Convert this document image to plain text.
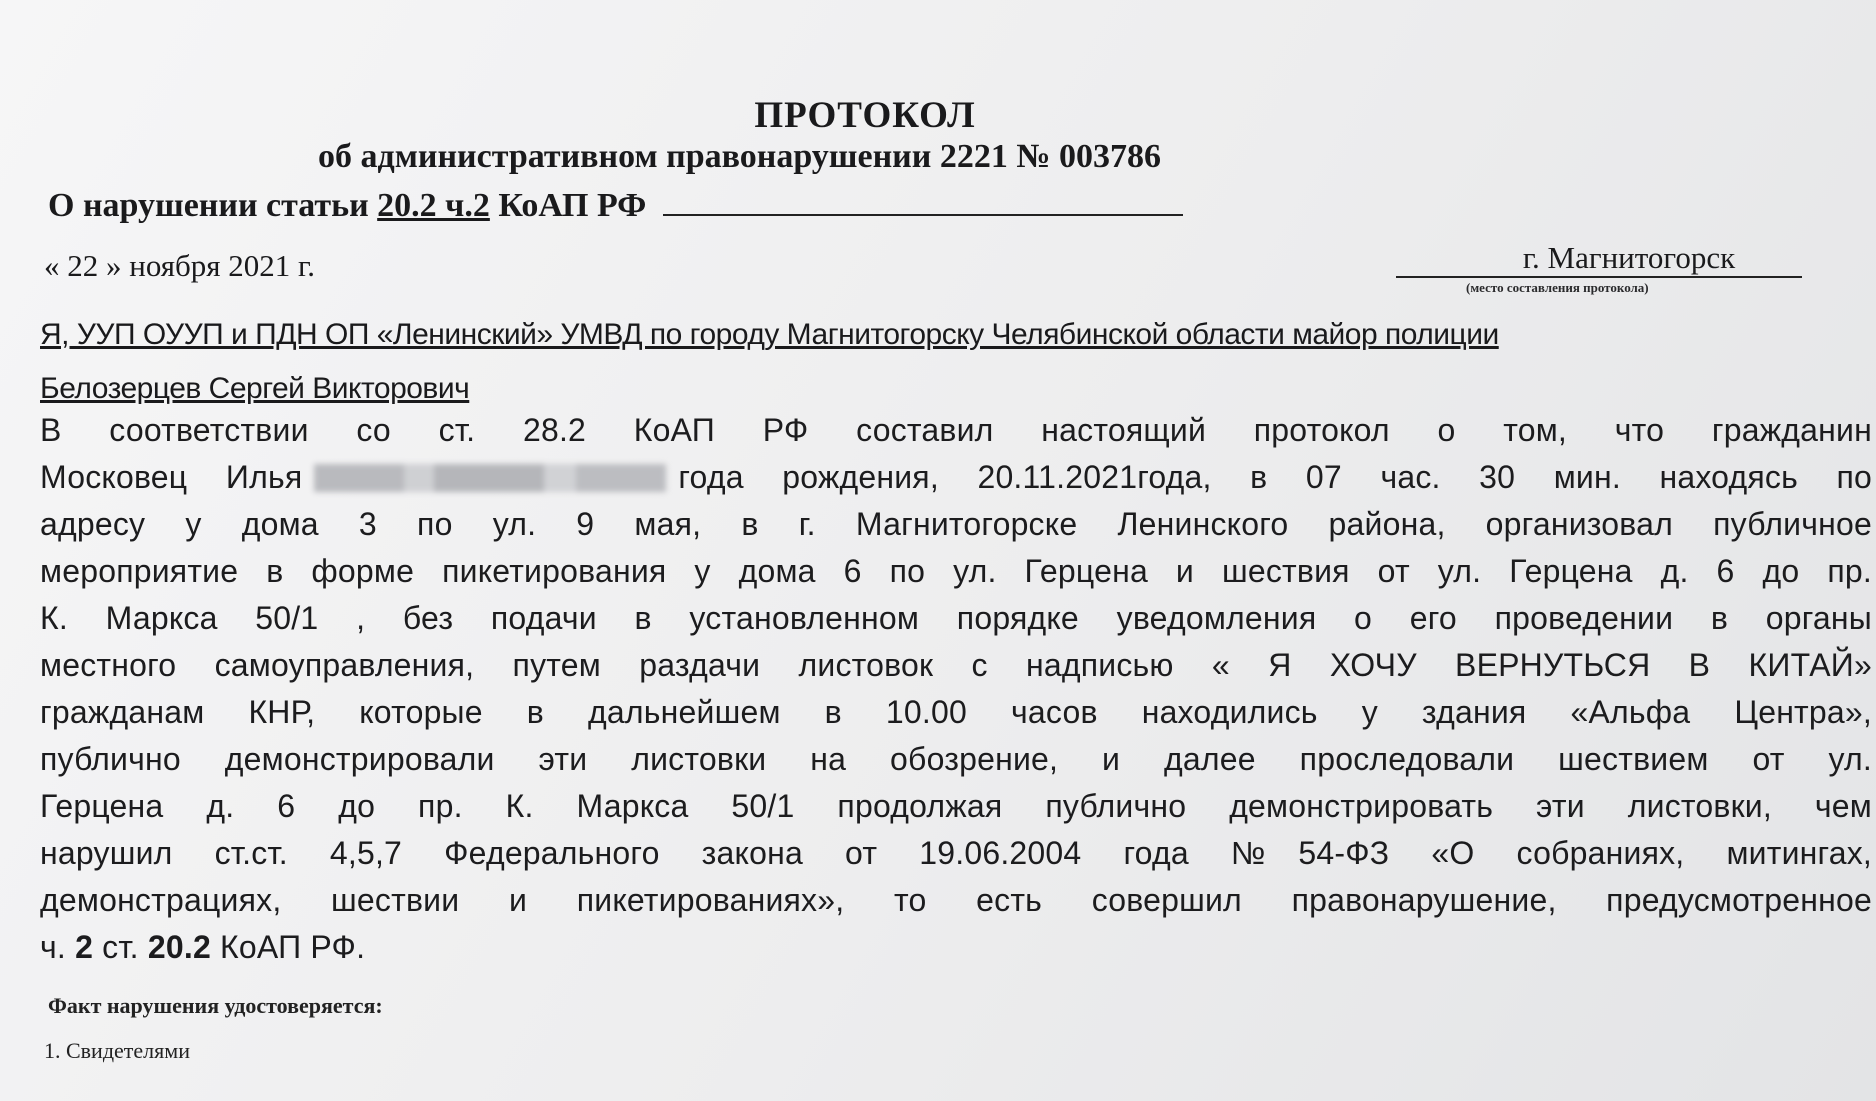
ПРОТОКОЛ
об административном правонарушении 2221 № 003786
О нарушении статьи 20.2 ч.2 КоАП РФ
« 22 » ноября 2021 г.	г. Магнитогорск
(место составления протокола)
Я, УУП ОУУП и ПДН ОП «Ленинский» УМВД по городу Магнитогорску Челябинской области майор полиции
Белозерцев Сергей Викторович
В соответствии со ст. 28.2 КоАП РФ составил настоящий протокол о том, что гражданин
Московец Илья	года рождения, 20.11.2021года, в 07 час. 30 мин. находясь по
адресу у дома 3 по ул. 9 мая, в г. Магнитогорске Ленинского района, организовал публичное
мероприятие в форме пикетирования у дома 6 по ул. Герцена и шествия от ул. Герцена д. 6 до пр.
К. Маркса 50/1 , без подачи в установленном порядке уведомления о его проведении в органы
местного самоуправления, путем раздачи листовок с надписью « Я ХОЧУ ВЕРНУТЬСЯ В КИТАЙ»
гражданам КНР, которые в дальнейшем в 10.00 часов находились у здания «Альфа Центра»,
публично демонстрировали эти листовки на обозрение, и далее проследовали шествием от ул.
Герцена д. 6 до пр. К. Маркса 50/1 продолжая публично демонстрировать эти листовки, чем
нарушил ст.ст. 4,5,7 Федерального закона от 19.06.2004 года №54-ФЗ «О собраниях, митингах,
демонстрациях, шествии и пикетированиях», то есть совершил правонарушение, предусмотренное
ч. 2 ст. 20.2 КоАП РФ.
Факт нарушения удостоверяется:
1. Свидетелями
